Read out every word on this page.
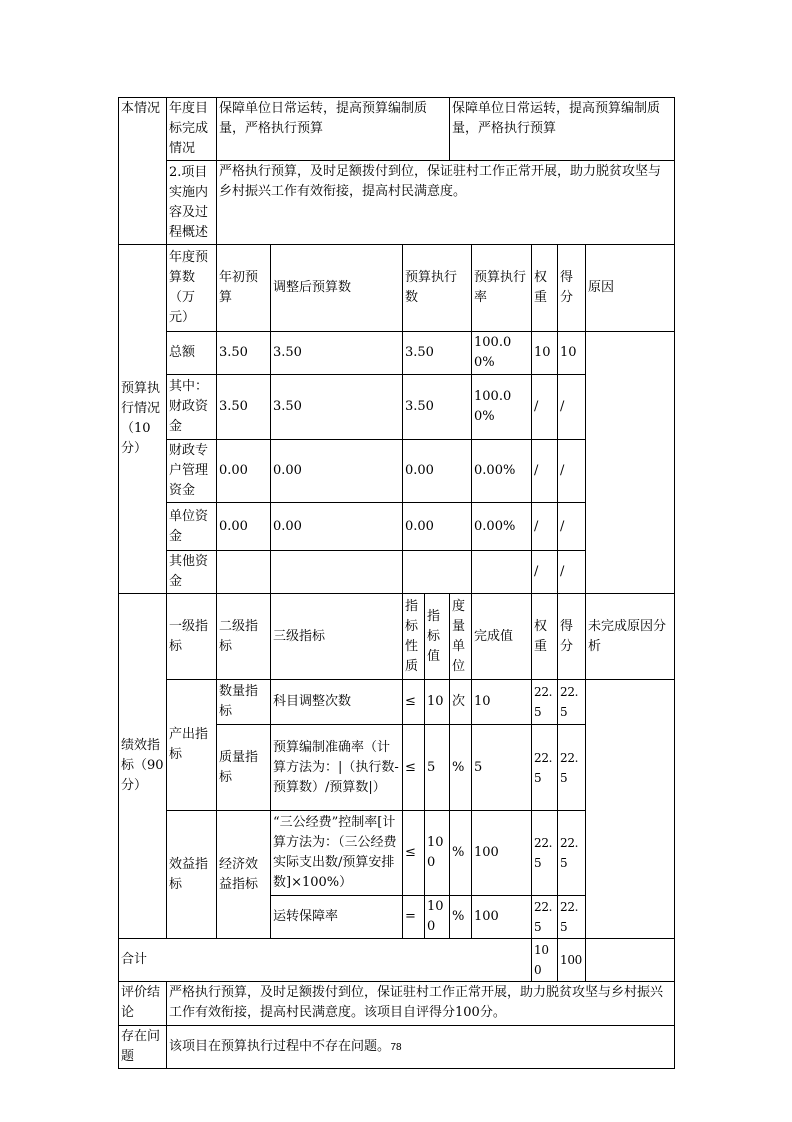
本情况	年度目标完成情况	保障单位日常运转，提高预算编制质量，严格执行预算				保障单位日常运转，提高预算编制质量，严格执行预算				
	2.项目实施内容及过程概述	严格执行预算，及时足额拨付到位，保证驻村工作正常开展，助力脱贫攻坚与乡村振兴工作有效衔接，提高村民满意度。								
预算执行情况（10分）	年度预算数（万元）	年初预算	调整后预算数	预算执行数			预算执行率	权重	得分	原因
	总额	3.50	3.50	3.50			100.00%	10	10	
	其中：财政资金	3.50	3.50	3.50			100.00%	/	/	
	财政专户管理资金	0.00	0.00	0.00			0.00%	/	/	
	单位资金	0.00	0.00	0.00			0.00%	/	/	
	其他资金							/	/	
绩效指标（90分）	一级指标	二级指标	三级指标	指标性质	指标值	度量单位	完成值	权重	得分	未完成原因分析
	产出指标	数量指标	科目调整次数	≤	10	次	10	22.5	22.5	
		质量指标	预算编制准确率（计算方法为：|（执行数-预算数）/预算数|）	≤	5	%	5	22.5	22.5	
	效益指标	经济效益指标	“三公经费”控制率[计算方法为：（三公经费实际支出数/预算安排数]×100%）	≤	100	%	100	22.5	22.5	
			运转保障率	=	100	%	100	22.5	22.5	
合计								100	100	
评价结论	严格执行预算，及时足额拨付到位，保证驻村工作正常开展，助力脱贫攻坚与乡村振兴工作有效衔接，提高村民满意度。该项目自评得分100分。									
存在问题	该项目在预算执行过程中不存在问题。									78
